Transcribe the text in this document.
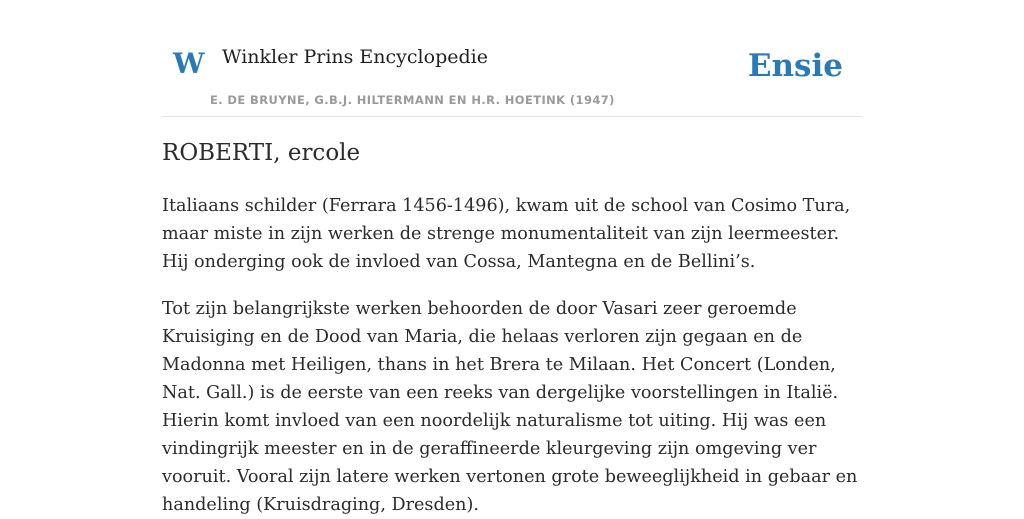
W Winkler Prins Encyclopedie
E. DE BRUYNE, G.B.J. HILTERMANN EN H.R. HOETINK (1947)
Ensie
ROBERTI, ercole

Italiaans schilder (Ferrara 1456-1496), kwam uit de school van Cosimo Tura, maar miste in zijn werken de strenge monumentaliteit van zijn leermeester. Hij onderging ook de invloed van Cossa, Mantegna en de Bellini’s.

Tot zijn belangrijkste werken behoorden de door Vasari zeer geroemde Kruisiging en de Dood van Maria, die helaas verloren zijn gegaan en de Madonna met Heiligen, thans in het Brera te Milaan. Het Concert (Londen, Nat. Gall.) is de eerste van een reeks van dergelijke voorstellingen in Italië. Hierin komt invloed van een noordelijk naturalisme tot uiting. Hij was een vindingrijk meester en in de geraffineerde kleurgeving zijn omgeving ver vooruit. Vooral zijn latere werken vertonen grote beweeglijkheid in gebaar en handeling (Kruisdraging, Dresden).
